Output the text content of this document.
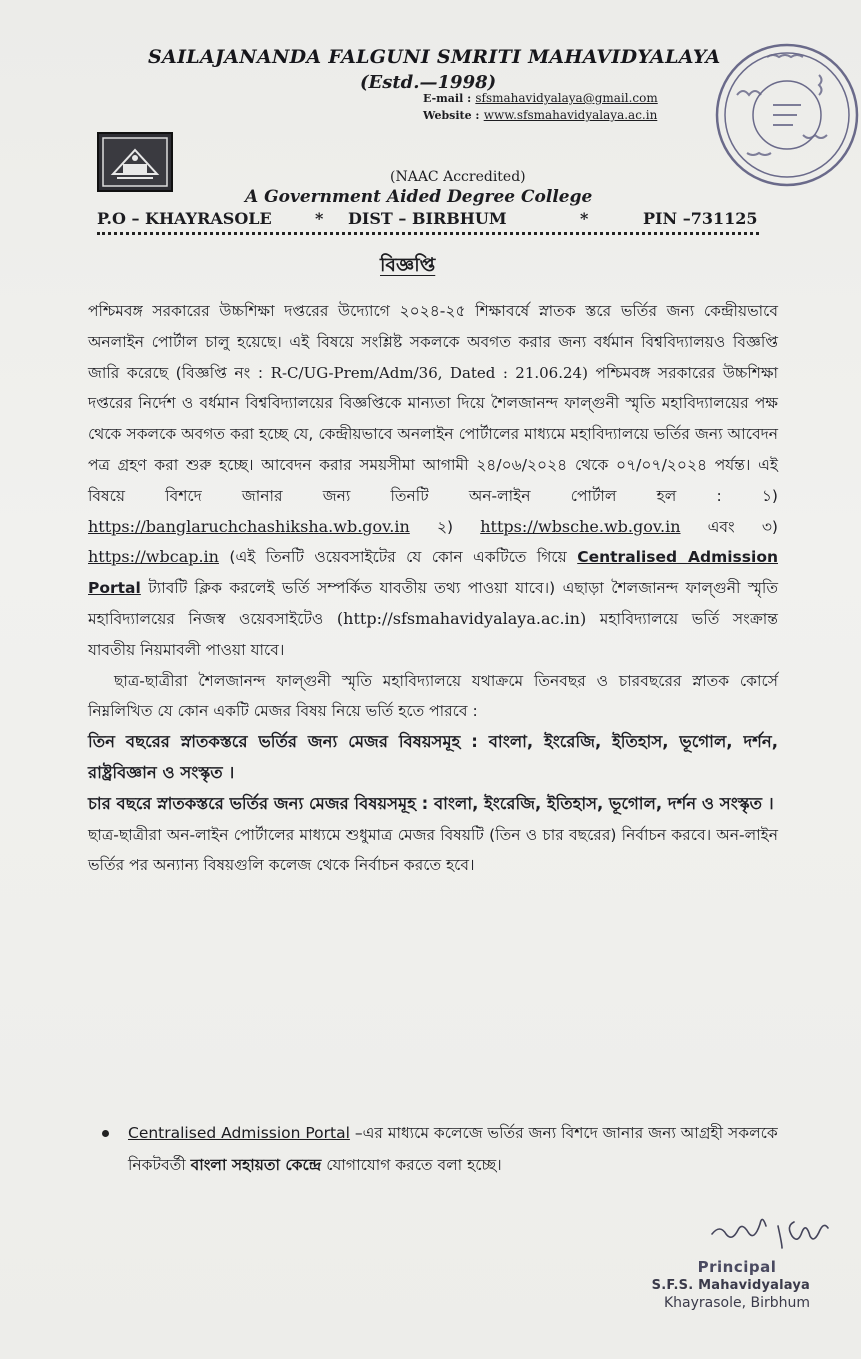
SAILAJANANDA FALGUNI SMRITI MAHAVIDYALAYA
(Estd.—1998)
E-mail : sfsmahavidyalaya@gmail.com
Website : www.sfsmahavidyalaya.ac.in
(NAAC Accredited)
A Government Aided Degree College
P.O – KHAYRASOLE	* DIST – BIRBHUM	*	PIN –731125
বিজ্ঞপ্তি

পশ্চিমবঙ্গ সরকারের উচ্চশিক্ষা দপ্তরের উদ্যোগে ২০২৪-২৫ শিক্ষাবর্ষে স্নাতক স্তরে ভর্তির জন্য কেন্দ্রীয়ভাবে অনলাইন পোর্টাল চালু হয়েছে। এই বিষয়ে সংশ্লিষ্ট সকলকে অবগত করার জন্য বর্ধমান বিশ্ববিদ্যালয়ও বিজ্ঞপ্তি জারি করেছে (বিজ্ঞপ্তি নং : R-C/UG-Prem/Adm/36, Dated : 21.06.24) পশ্চিমবঙ্গ সরকারের উচ্চশিক্ষা দপ্তরের নির্দেশ ও বর্ধমান বিশ্ববিদ্যালয়ের বিজ্ঞপ্তিকে মান্যতা দিয়ে শৈলজানন্দ ফাল্গুনী স্মৃতি মহাবিদ্যালয়ের পক্ষ থেকে সকলকে অবগত করা হচ্ছে যে, কেন্দ্রীয়ভাবে অনলাইন পোর্টালের মাধ্যমে মহাবিদ্যালয়ে ভর্তির জন্য আবেদন পত্র গ্রহণ করা শুরু হচ্ছে। আবেদন করার সময়সীমা আগামী ২৪/০৬/২০২৪ থেকে ০৭/০৭/২০২৪ পর্যন্ত। এই বিষয়ে বিশদে জানার জন্য তিনটি অন-লাইন পোর্টাল হল :	১) https://banglaruchchashiksha.wb.gov.in ২) https://wbsche.wb.gov.in এবং ৩) https://wbcap.in (এই তিনটি ওয়েবসাইটের যে কোন একটিতে গিয়ে Centralised Admission Portal ট্যাবটি ক্লিক করলেই ভর্তি সম্পর্কিত যাবতীয় তথ্য পাওয়া যাবে।) এছাড়া শৈলজানন্দ ফাল্গুনী স্মৃতি মহাবিদ্যালয়ের নিজস্ব ওয়েবসাইটেও (http://sfsmahavidyalaya.ac.in) মহাবিদ্যালয়ে ভর্তি সংক্রান্ত যাবতীয় নিয়মাবলী পাওয়া যাবে।

ছাত্র-ছাত্রীরা শৈলজানন্দ ফাল্গুনী স্মৃতি মহাবিদ্যালয়ে যথাক্রমে তিনবছর ও চারবছরের স্নাতক কোর্সে নিম্নলিখিত যে কোন একটি মেজর বিষয় নিয়ে ভর্তি হতে পারবে :

তিন বছরের স্নাতকস্তরে ভর্তির জন্য মেজর বিষয়সমূহ : বাংলা, ইংরেজি, ইতিহাস, ভূগোল, দর্শন, রাষ্ট্রবিজ্ঞান ও সংস্কৃত ।

চার বছরে স্নাতকস্তরে ভর্তির জন্য মেজর বিষয়সমূহ : বাংলা, ইংরেজি, ইতিহাস, ভূগোল, দর্শন ও সংস্কৃত ।

ছাত্র-ছাত্রীরা অন-লাইন পোর্টালের মাধ্যমে শুধুমাত্র মেজর বিষয়টি (তিন ও চার বছরের) নির্বাচন করবে। অন-লাইন ভর্তির পর অন্যান্য বিষয়গুলি কলেজ থেকে নির্বাচন করতে হবে।

Centralised Admission Portal –এর মাধ্যমে কলেজে ভর্তির জন্য বিশদে জানার জন্য আগ্রহী সকলকে নিকটবর্তী বাংলা সহায়তা কেন্দ্রে যোগাযোগ করতে বলা হচ্ছে।

Principal
S.F.S. Mahavidyalaya
Khayrasole, Birbhum
